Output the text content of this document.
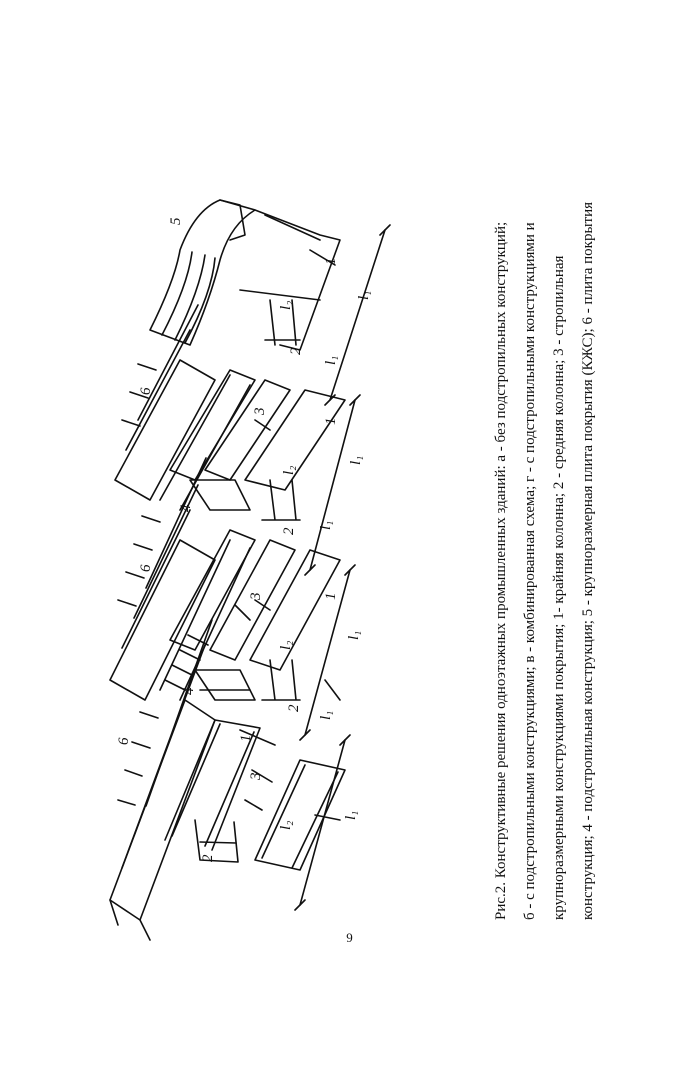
6	1
2
3
l₂
l₁
6
4
2
3
l₂
l₁
1
l₁
6
4
2
3
l₂
l₁
1
l₁
5
1
2
l₂
l₁
l₁	Рис.2. Конструктивные решения одноэтажных промышленных зданий: а - без подстропильных конструкций; б - с подстропильными конструкциями; в - комбинированная схема; г - с подстропильными конструкциями и крупноразмерными конструкциями покрытия; 1- крайняя колонна; 2 - средняя колонна; 3 - стропильная конструкция; 4 - подстропильная конструкция; 5 - крупноразмерная плита покрытия (КЖС); 6 - плита покрытия
9
